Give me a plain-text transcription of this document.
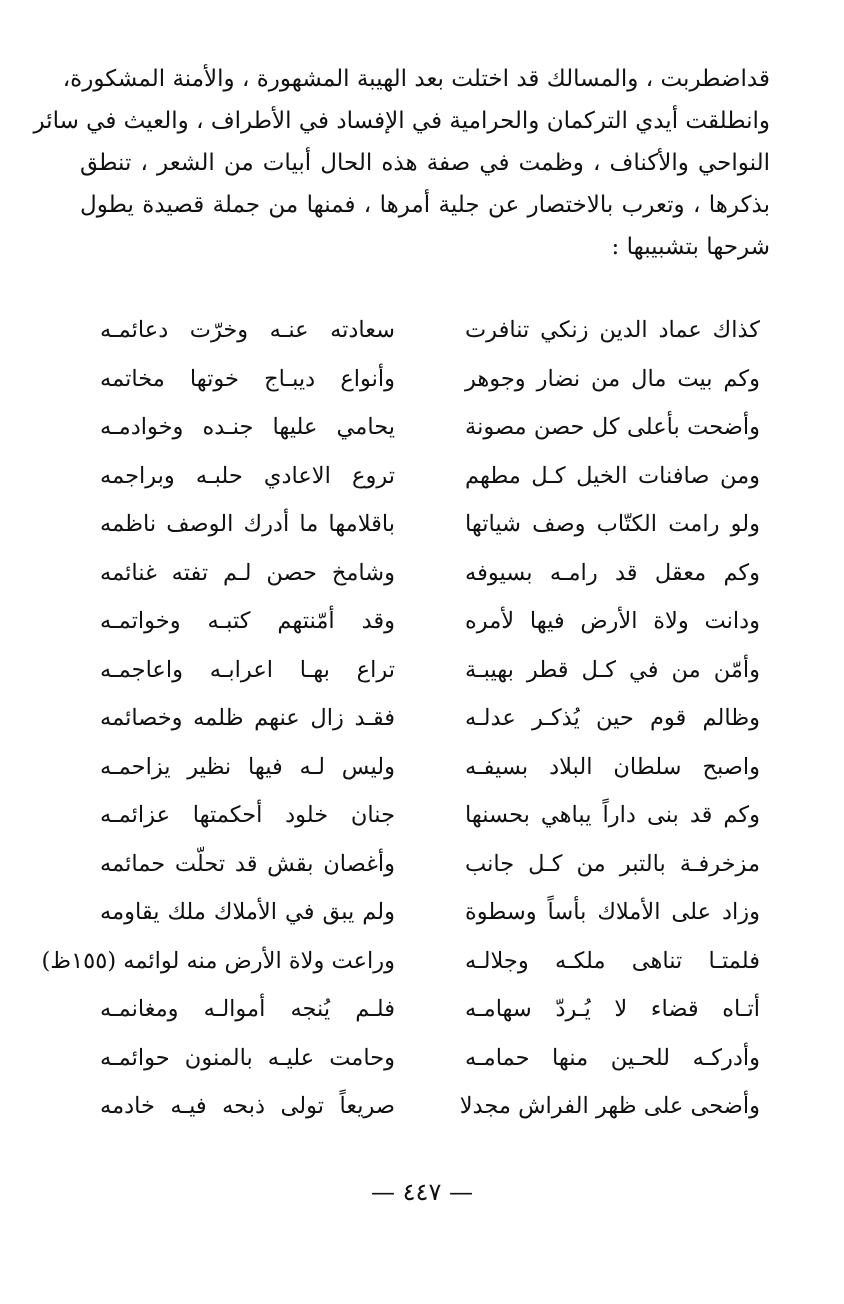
قداضطربت ، والمسالك قد اختلت بعد الهيبة المشهورة ، والأمنة المشكورة،
وانطلقت أيدي التركمان والحرامية في الإفساد في الأطراف ، والعيث في سائر
النواحي والأكناف ، وظمت في صفة هذه الحال أبيات من الشعر ، تنطق
بذكرها ، وتعرب بالاختصار عن جلية أمرها ، فمنها من جملة قصيدة يطول
شرحها بتشبيبها :
كذاك عماد الدين زنكي تنافرت
سعادته عنـه وخرّت دعائمـه
وكم بيت مال من نضار وجوهر
وأنواع ديبـاج خوتها مخاتمه
وأضحت بأعلى كل حصن مصونة
يحامي عليها جنـده وخوادمـه
ومن صافنات الخيل كـل مطهم
تروع الاعادي حلبـه وبراجمه
ولو رامت الكتّاب وصف شياتها
باقلامها ما أدرك الوصف ناظمه
وكم معقل قد رامـه بسيوفه
وشامخ حصن لـم تفته غنائمه
ودانت ولاة الأرض فيها لأمره
وقد أمّنتهم كتبـه وخواتمـه
وأمّن من في كـل قطر بهيبـة
تراع بهـا اعرابـه واعاجمـه
وظالم قوم حين يُذكـر عدلـه
فقـد زال عنهم ظلمه وخصائمه
واصبح سلطان البلاد بسيفـه
وليس لـه فيها نظير يزاحمـه
وكم قد بنى داراً يباهي بحسنها
جنان خلود أحكمتها عزائمـه
مزخرفـة بالتبر من كـل جانب
وأغصان بقش قد تحلّت حمائمه
وزاد على الأملاك بأساً وسطوة
ولم يبق في الأملاك ملك يقاومه
فلمتـا تناهى ملكـه وجلالـه
وراعت ولاة الأرض منه لوائمه (١٥٥ظ)
أتـاه قضاء لا يُـردّ سهامـه
فلـم يُنجه أموالـه ومغانمـه
وأدركـه للحـين منها حمامـه
وحامت عليـه بالمنون حوائمـه
وأضحى على ظهر الفراش مجدلا
صريعاً تولى ذبحه فيـه خادمه
— ٤٤٧ —
